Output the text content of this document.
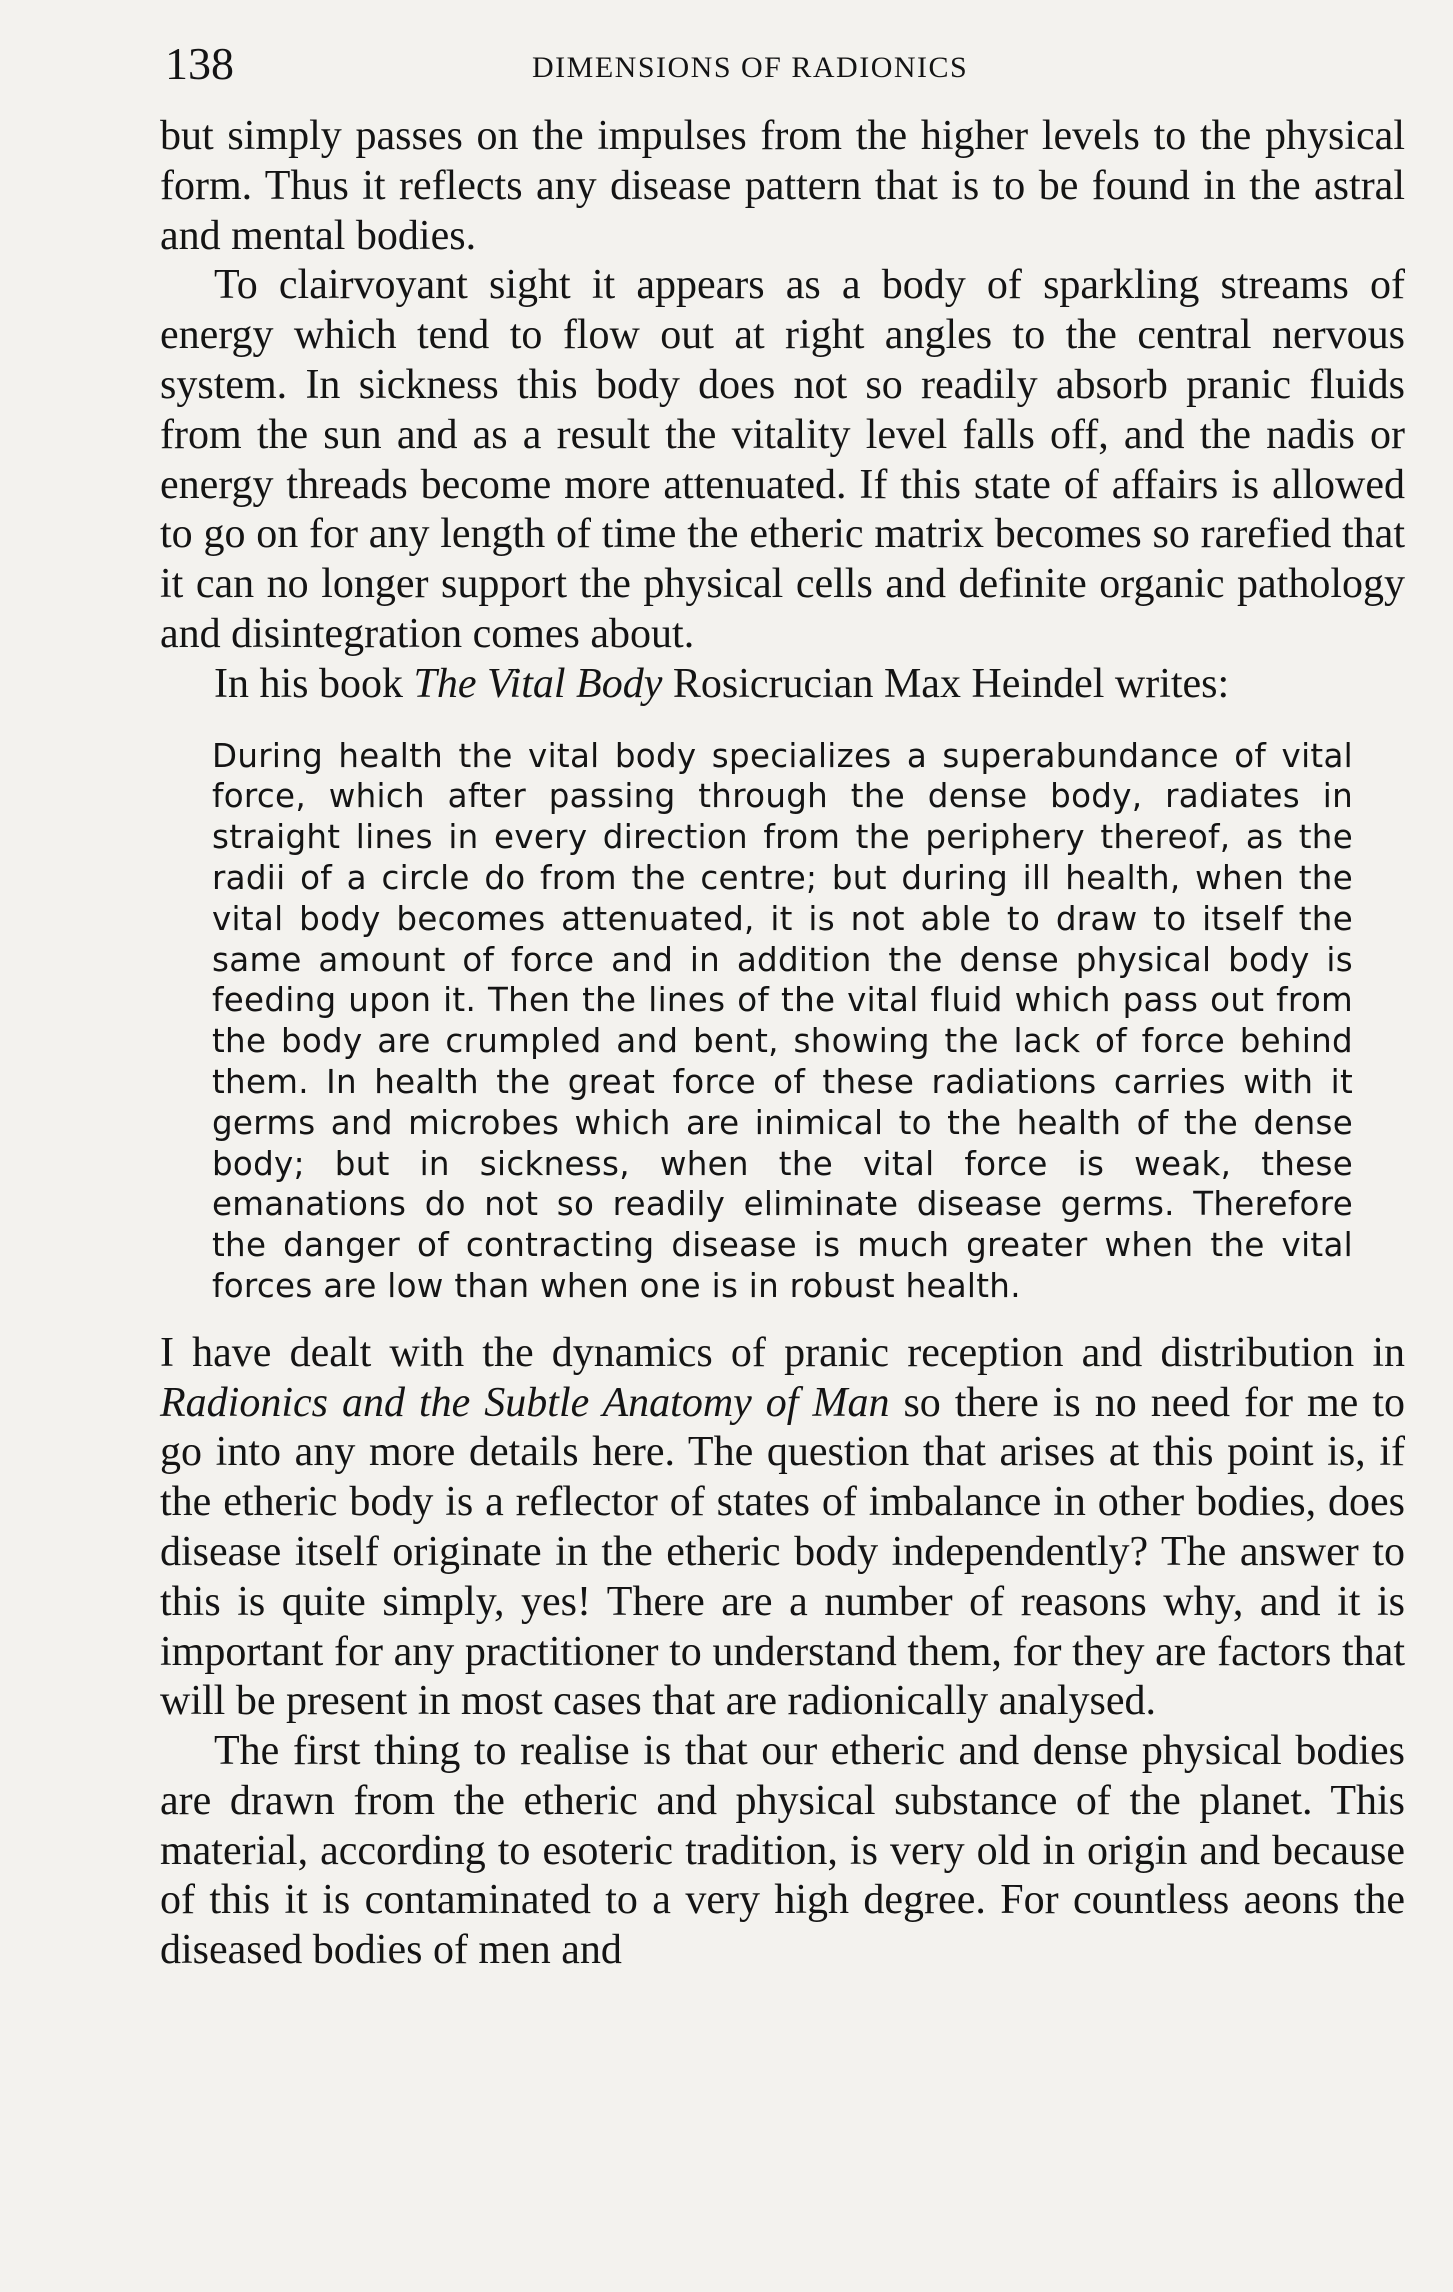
138	DIMENSIONS OF RADIONICS

but simply passes on the impulses from the higher levels to the physical form. Thus it reflects any disease pattern that is to be found in the astral and mental bodies.

To clairvoyant sight it appears as a body of sparkling streams of energy which tend to flow out at right angles to the central nervous system. In sickness this body does not so readily absorb pranic fluids from the sun and as a result the vitality level falls off, and the nadis or energy threads become more attenuated. If this state of affairs is allowed to go on for any length of time the etheric matrix becomes so rarefied that it can no longer support the physical cells and definite organic pathology and disintegration comes about.

In his book The Vital Body Rosicrucian Max Heindel writes:

During health the vital body specializes a superabundance of vital force, which after passing through the dense body, radiates in straight lines in every direction from the periphery thereof, as the radii of a circle do from the centre; but during ill health, when the vital body becomes attenuated, it is not able to draw to itself the same amount of force and in addition the dense physical body is feeding upon it. Then the lines of the vital fluid which pass out from the body are crumpled and bent, showing the lack of force behind them. In health the great force of these radiations carries with it germs and microbes which are inimical to the health of the dense body; but in sickness, when the vital force is weak, these emanations do not so readily eliminate disease germs. Therefore the danger of contracting disease is much greater when the vital forces are low than when one is in robust health.

I have dealt with the dynamics of pranic reception and distribution in Radionics and the Subtle Anatomy of Man so there is no need for me to go into any more details here. The question that arises at this point is, if the etheric body is a reflector of states of imbalance in other bodies, does disease itself originate in the etheric body independently? The answer to this is quite simply, yes! There are a number of reasons why, and it is important for any practitioner to understand them, for they are factors that will be present in most cases that are radionically analysed.

The first thing to realise is that our etheric and dense physical bodies are drawn from the etheric and physical substance of the planet. This material, according to esoteric tradition, is very old in origin and because of this it is contaminated to a very high degree. For countless aeons the diseased bodies of men and
